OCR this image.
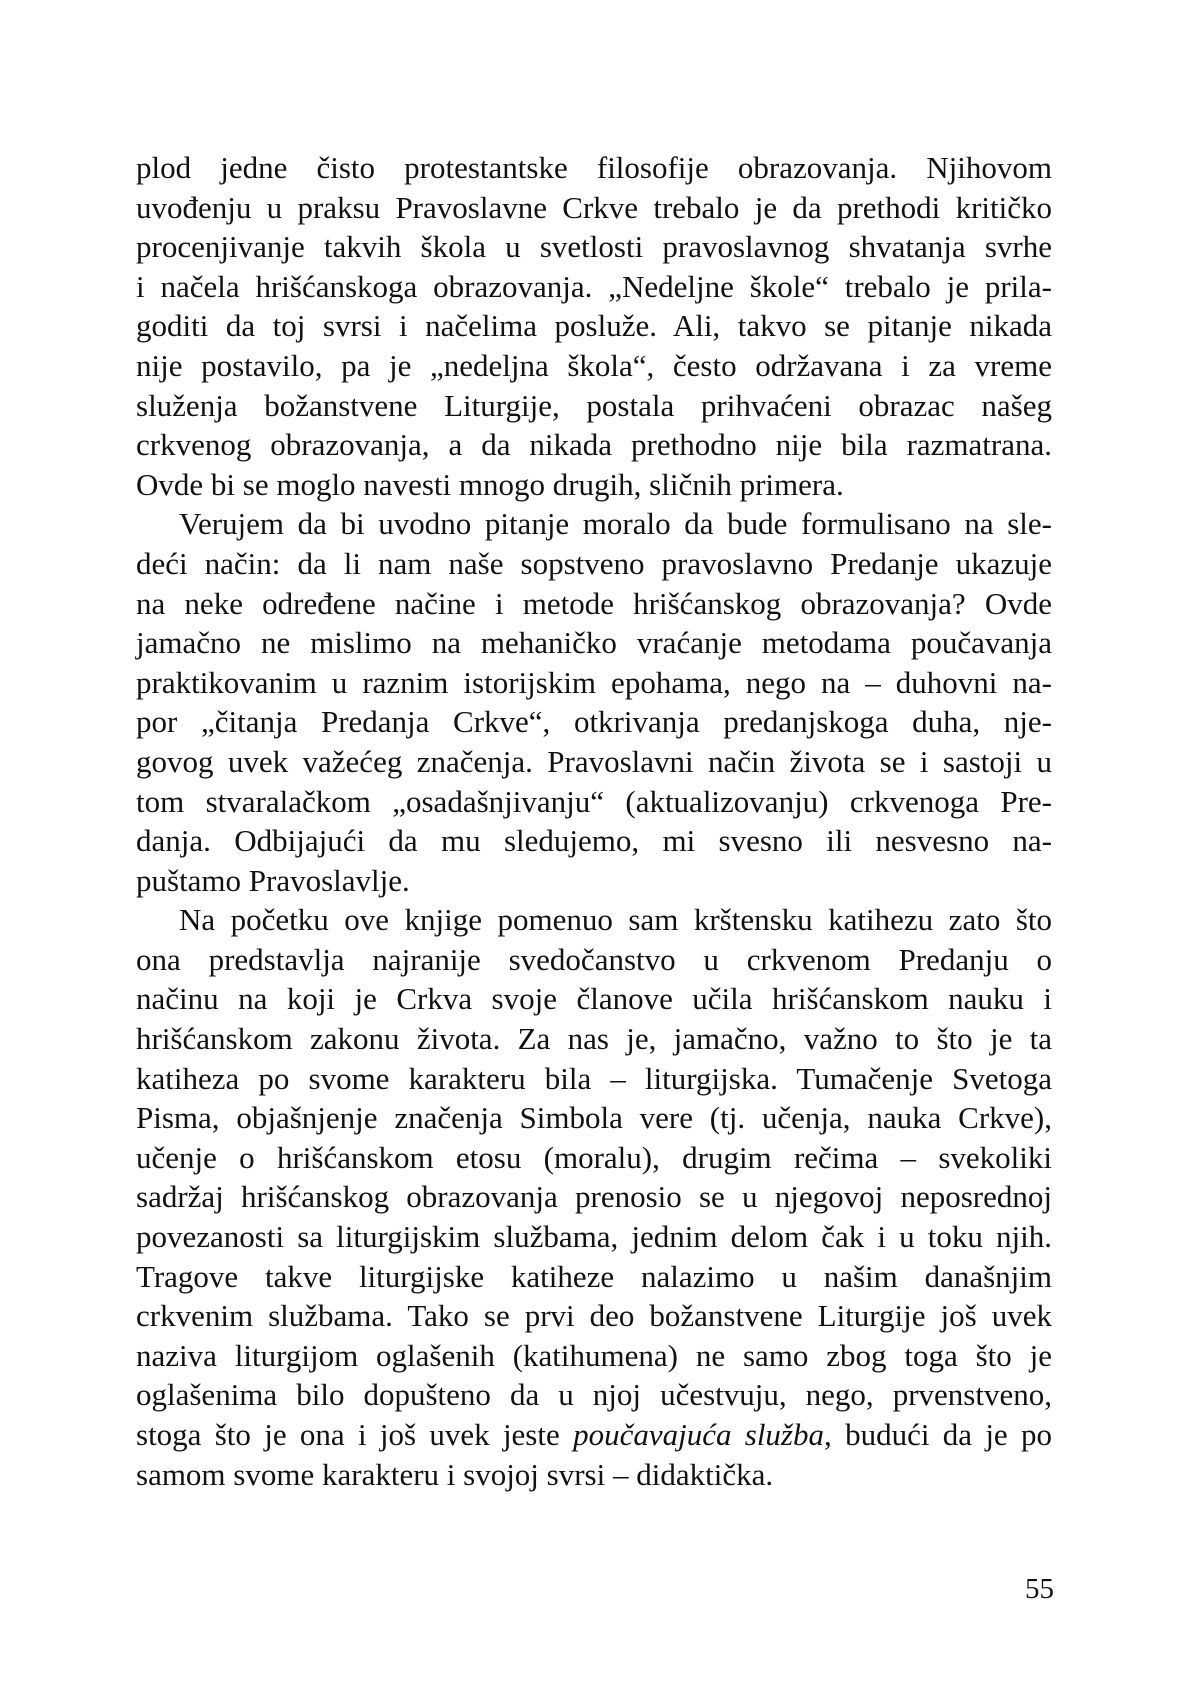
plod jedne čisto protestantske filosofije obrazovanja. Njihovom
uvođenju u praksu Pravoslavne Crkve trebalo je da prethodi kritičko
procenjivanje takvih škola u svetlosti pravoslavnog shvatanja svrhe
i načela hrišćanskoga obrazovanja. „Nedeljne škole“ trebalo je prila-
goditi da toj svrsi i načelima posluže. Ali, takvo se pitanje nikada
nije postavilo, pa je „nedeljna škola“, često održavana i za vreme
služenja božanstvene Liturgije, postala prihvaćeni obrazac našeg
crkvenog obrazovanja, a da nikada prethodno nije bila razmatrana.
Ovde bi se moglo navesti mnogo drugih, sličnih primera.
Verujem da bi uvodno pitanje moralo da bude formulisano na sle-
deći način: da li nam naše sopstveno pravoslavno Predanje ukazuje
na neke određene načine i metode hrišćanskog obrazovanja? Ovde
jamačno ne mislimo na mehaničko vraćanje metodama poučavanja
praktikovanim u raznim istorijskim epohama, nego na – duhovni na-
por „čitanja Predanja Crkve“, otkrivanja predanjskoga duha, nje-
govog uvek važećeg značenja. Pravoslavni način života se i sastoji u
tom stvaralačkom „osadašnjivanju“ (aktualizovanju) crkvenoga Pre-
danja. Odbijajući da mu sledujemo, mi svesno ili nesvesno na-
puštamo Pravoslavlje.
Na početku ove knjige pomenuo sam krštensku katihezu zato što
ona predstavlja najranije svedočanstvo u crkvenom Predanju o
načinu na koji je Crkva svoje članove učila hrišćanskom nauku i
hrišćanskom zakonu života. Za nas je, jamačno, važno to što je ta
katiheza po svome karakteru bila – liturgijska. Tumačenje Svetoga
Pisma, objašnjenje značenja Simbola vere (tj. učenja, nauka Crkve),
učenje o hrišćanskom etosu (moralu), drugim rečima – svekoliki
sadržaj hrišćanskog obrazovanja prenosio se u njegovoj neposrednoj
povezanosti sa liturgijskim službama, jednim delom čak i u toku njih.
Tragove takve liturgijske katiheze nalazimo u našim današnjim
crkvenim službama. Tako se prvi deo božanstvene Liturgije još uvek
naziva liturgijom oglašenih (katihumena) ne samo zbog toga što je
oglašenima bilo dopušteno da u njoj učestvuju, nego, prvenstveno,
stoga što je ona i još uvek jeste poučavajuća služba, budući da je po
samom svome karakteru i svojoj svrsi – didaktička.
55
